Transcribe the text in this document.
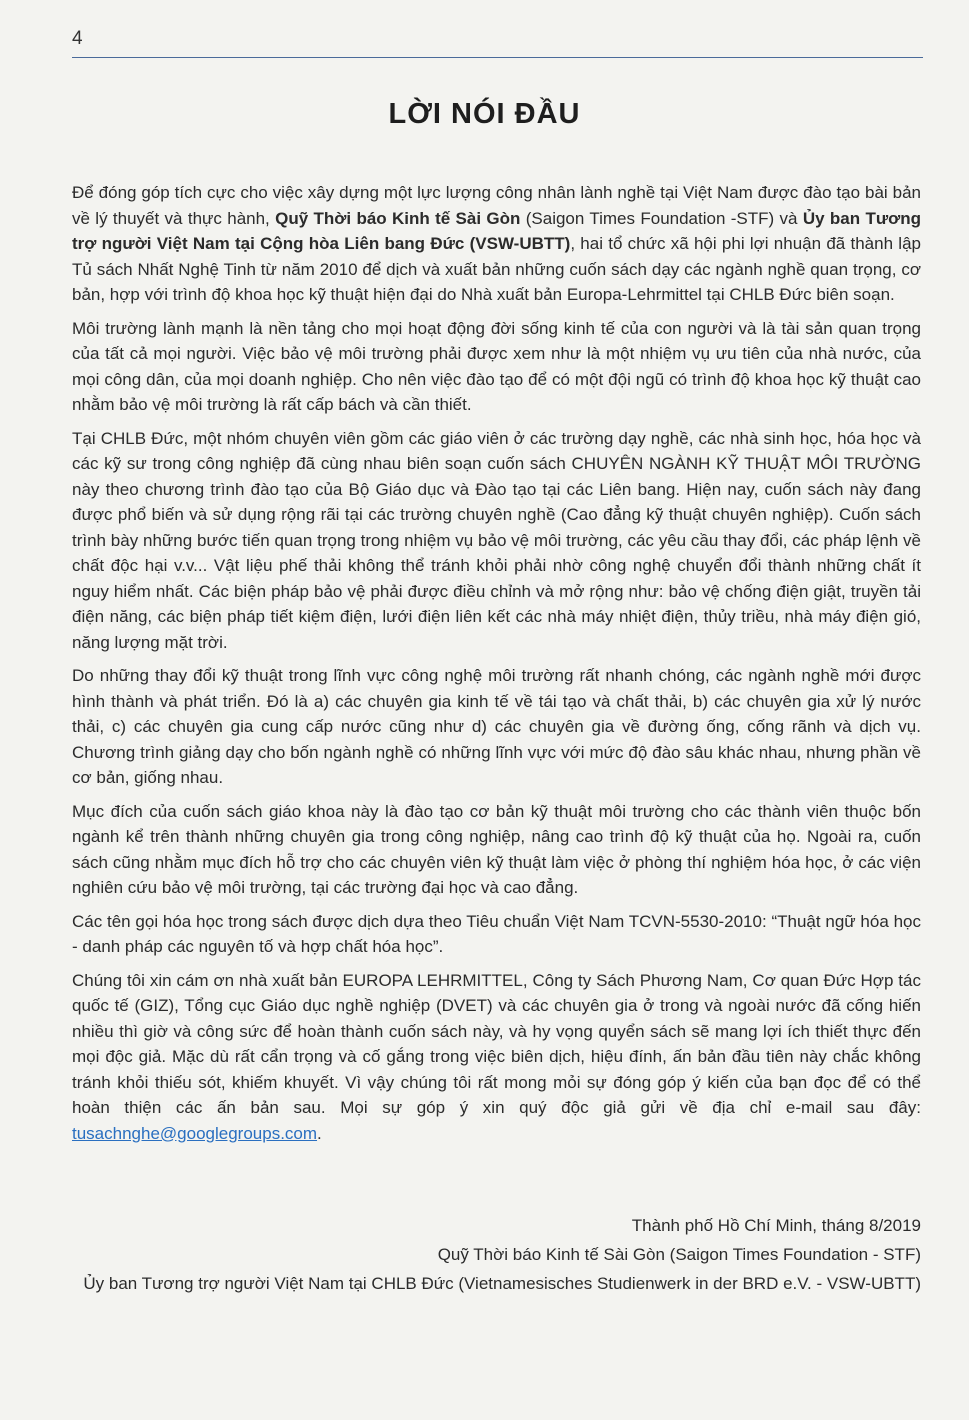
4
LỜI NÓI ĐẦU

Để đóng góp tích cực cho việc xây dựng một lực lượng công nhân lành nghề tại Việt Nam được đào tạo bài bản về lý thuyết và thực hành, Quỹ Thời báo Kinh tế Sài Gòn (Saigon Times Foundation -STF) và Ủy ban Tương trợ người Việt Nam tại Cộng hòa Liên bang Đức (VSW-UBTT), hai tổ chức xã hội phi lợi nhuận đã thành lập Tủ sách Nhất Nghệ Tinh từ năm 2010 để dịch và xuất bản những cuốn sách dạy các ngành nghề quan trọng, cơ bản, hợp với trình độ khoa học kỹ thuật hiện đại do Nhà xuất bản Europa-Lehrmittel tại CHLB Đức biên soạn.

Môi trường lành mạnh là nền tảng cho mọi hoạt động đời sống kinh tế của con người và là tài sản quan trọng của tất cả mọi người. Việc bảo vệ môi trường phải được xem như là một nhiệm vụ ưu tiên của nhà nước, của mọi công dân, của mọi doanh nghiệp. Cho nên việc đào tạo để có một đội ngũ có trình độ khoa học kỹ thuật cao nhằm bảo vệ môi trường là rất cấp bách và cần thiết.

Tại CHLB Đức, một nhóm chuyên viên gồm các giáo viên ở các trường dạy nghề, các nhà sinh học, hóa học và các kỹ sư trong công nghiệp đã cùng nhau biên soạn cuốn sách CHUYÊN NGÀNH KỸ THUẬT MÔI TRƯỜNG này theo chương trình đào tạo của Bộ Giáo dục và Đào tạo tại các Liên bang. Hiện nay, cuốn sách này đang được phổ biến và sử dụng rộng rãi tại các trường chuyên nghề (Cao đẳng kỹ thuật chuyên nghiệp). Cuốn sách trình bày những bước tiến quan trọng trong nhiệm vụ bảo vệ môi trường, các yêu cầu thay đổi, các pháp lệnh về chất độc hại v.v... Vật liệu phế thải không thể tránh khỏi phải nhờ công nghệ chuyển đổi thành những chất ít nguy hiểm nhất. Các biện pháp bảo vệ phải được điều chỉnh và mở rộng như: bảo vệ chống điện giật, truyền tải điện năng, các biện pháp tiết kiệm điện, lưới điện liên kết các nhà máy nhiệt điện, thủy triều, nhà máy điện gió, năng lượng mặt trời.

Do những thay đổi kỹ thuật trong lĩnh vực công nghệ môi trường rất nhanh chóng, các ngành nghề mới được hình thành và phát triển. Đó là a) các chuyên gia kinh tế về tái tạo và chất thải, b) các chuyên gia xử lý nước thải, c) các chuyên gia cung cấp nước cũng như d) các chuyên gia về đường ống, cống rãnh và dịch vụ. Chương trình giảng dạy cho bốn ngành nghề có những lĩnh vực với mức độ đào sâu khác nhau, nhưng phần về cơ bản, giống nhau.

Mục đích của cuốn sách giáo khoa này là đào tạo cơ bản kỹ thuật môi trường cho các thành viên thuộc bốn ngành kể trên thành những chuyên gia trong công nghiệp, nâng cao trình độ kỹ thuật của họ. Ngoài ra, cuốn sách cũng nhằm mục đích hỗ trợ cho các chuyên viên kỹ thuật làm việc ở phòng thí nghiệm hóa học, ở các viện nghiên cứu bảo vệ môi trường, tại các trường đại học và cao đẳng.

Các tên gọi hóa học trong sách được dịch dựa theo Tiêu chuẩn Việt Nam TCVN-5530-2010: “Thuật ngữ hóa học - danh pháp các nguyên tố và hợp chất hóa học”.

Chúng tôi xin cám ơn nhà xuất bản EUROPA LEHRMITTEL, Công ty Sách Phương Nam, Cơ quan Đức Hợp tác quốc tế (GIZ), Tổng cục Giáo dục nghề nghiệp (DVET) và các chuyên gia ở trong và ngoài nước đã cống hiến nhiều thì giờ và công sức để hoàn thành cuốn sách này, và hy vọng quyển sách sẽ mang lợi ích thiết thực đến mọi độc giả. Mặc dù rất cẩn trọng và cố gắng trong việc biên dịch, hiệu đính, ấn bản đầu tiên này chắc không tránh khỏi thiếu sót, khiếm khuyết. Vì vậy chúng tôi rất mong mỏi sự đóng góp ý kiến của bạn đọc để có thể hoàn thiện các ấn bản sau. Mọi sự góp ý xin quý độc giả gửi về địa chỉ e-mail sau đây: tusachnghe@googlegroups.com.

Thành phố Hồ Chí Minh, tháng 8/2019
Quỹ Thời báo Kinh tế Sài Gòn (Saigon Times Foundation - STF)
Ủy ban Tương trợ người Việt Nam tại CHLB Đức (Vietnamesisches Studienwerk in der BRD e.V. - VSW-UBTT)
